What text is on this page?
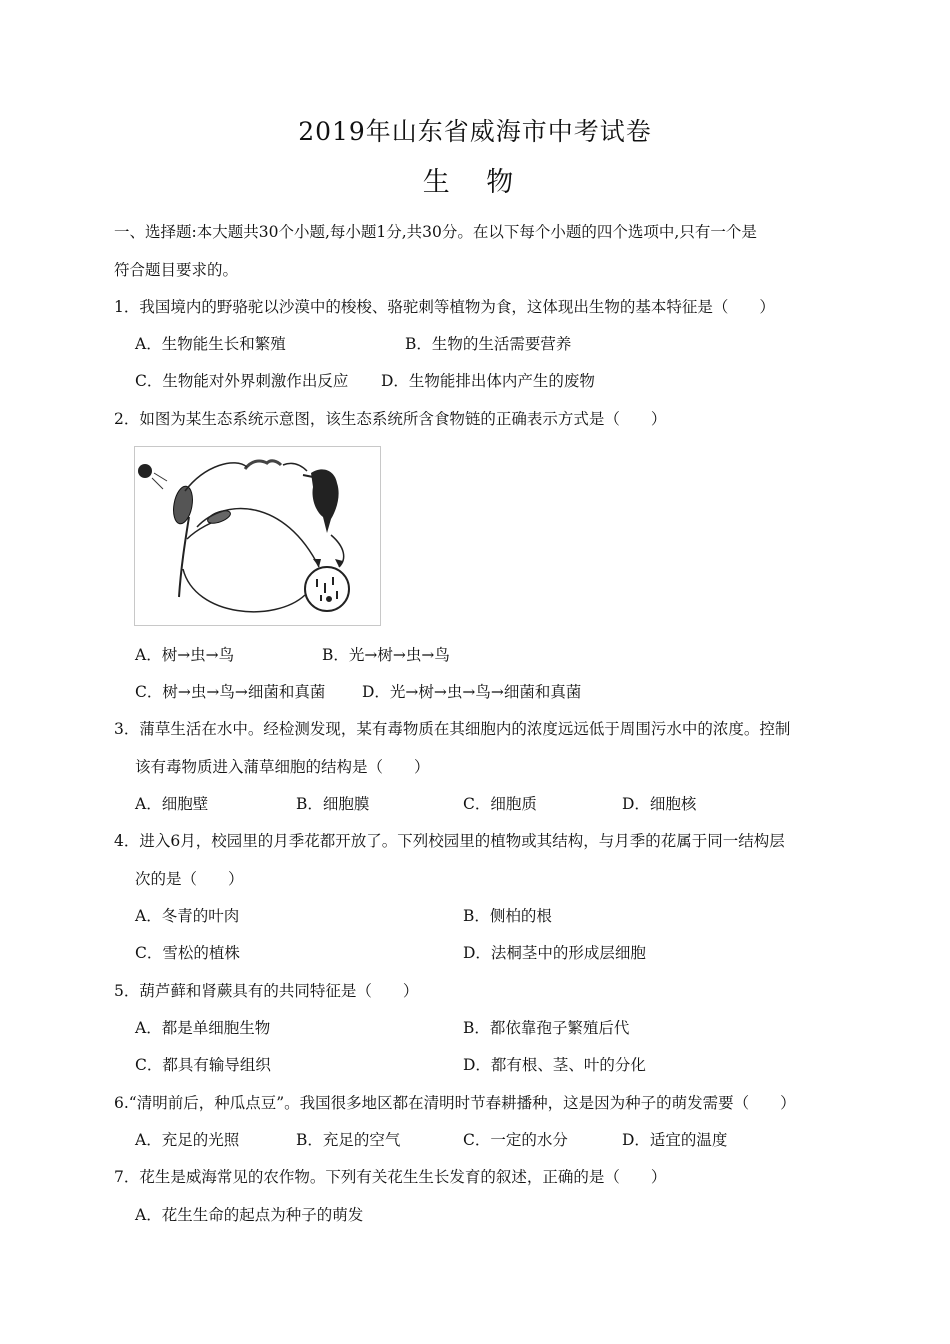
2019年山东省威海市中考试卷
生 物
一、选择题:本大题共30个小题,每小题1分,共30分。在以下每个小题的四个选项中,只有一个是
符合题目要求的。
1．我国境内的野骆驼以沙漠中的梭梭、骆驼刺等植物为食，这体现出生物的基本特征是（　　）
A．生物能生长和繁殖	B．生物的生活需要营养
C．生物能对外界刺激作出反应 D．生物能排出体内产生的废物
2．如图为某生态系统示意图，该生态系统所含食物链的正确表示方式是（　　）
A．树→虫→鸟	B．光→树→虫→鸟
C．树→虫→鸟→细菌和真菌 D．光→树→虫→鸟→细菌和真菌
3．蒲草生活在水中。经检测发现，某有毒物质在其细胞内的浓度远远低于周围污水中的浓度。控制
该有毒物质进入蒲草细胞的结构是（　　）
A．细胞壁	B．细胞膜	C．细胞质	D．细胞核
4．进入6月，校园里的月季花都开放了。下列校园里的植物或其结构，与月季的花属于同一结构层
次的是（　　）
A．冬青的叶肉	B．侧柏的根
C．雪松的植株	D．法桐茎中的形成层细胞
5．葫芦藓和肾蕨具有的共同特征是（　　）
A．都是单细胞生物	B．都依靠孢子繁殖后代
C．都具有输导组织	D．都有根、茎、叶的分化
6.“清明前后，种瓜点豆”。我国很多地区都在清明时节春耕播种，这是因为种子的萌发需要（　　）
A．充足的光照	B．充足的空气	C．一定的水分	D．适宜的温度
7．花生是威海常见的农作物。下列有关花生生长发育的叙述，正确的是（　　）
A．花生生命的起点为种子的萌发
